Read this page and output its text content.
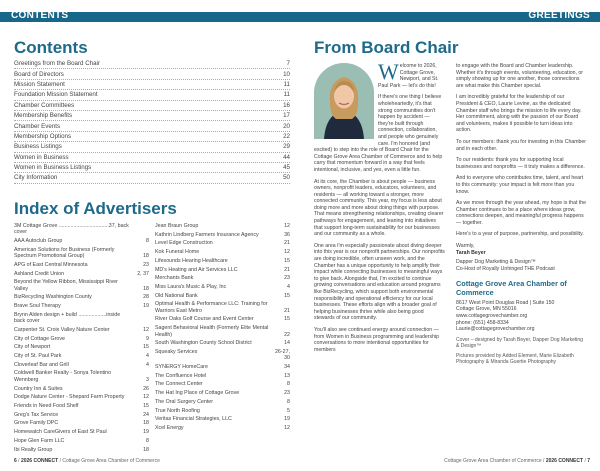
CONTENTS	GREETINGS
Contents
Greetings from the Board Chair	7
Board of Directors	10
Mission Statement	11
Foundation Mission Statement	11
Chamber Committees	16
Membership Benefits	17
Chamber Events	20
Membership Options	22
Business Listings	29
Women in Business	44
Women in Business Listings	45
City Information	50
Index of Advertisers
3M Cottage Grove ..................................37, back cover
AAA Autoclub Group	8
American Solutions for Business (Formerly Spectrum Promotional Group)	18
APG of East Central Minnesota	23
Ashland Credit Union	2, 37
Beyond the Yellow Ribbon, Mississippi River Valley	18
BizRecycling Washington County	28
Brave Soul Therapy	19
Brynn Alden design + build ...................inside back cover
Carpenter St. Croix Valley Nature Center	12
City of Cottage Grove	9
City of Newport	15
City of St. Paul Park	4
Cloverleaf Bar and Grill	4
Coldwell Banker Realty - Sonya Tolentino Wennberg	3
Country Inn & Suites	26
Dodge Nature Center - Shepard Farm Property	12
Friends in Need Food Shelf	15
Greg's Tax Service	24
Grove Family DPC	18
Homewatch CareGivers of East St Paul	19
Hope Glen Farm LLC	8
Ibi Realty Group	18
Jean Braun Group	12
Kathrin Lindberg Farmers Insurance Agency	36
Level Edge Construction	21
Kok Funeral Home	12
Lifesounds Hearing Healthcare	15
MD's Heating and Air Services LLC	21
Merchants Bank	23
Miss Laura's Music & Play, Inc	4
Old National Bank	15
Optimal Health & Performance LLC: Training for Warriors East Metro	21
River Oaks Golf Course and Event Center	15
Sagent Behavioral Health (Formerly Elite Mental Health)	22
South Washington County School District	14
Squeaky Services	26-27, 30
SYNERGY HomeCare	34
The Confluence Hotel	13
The Connect Center	8
The Hat Ing Place of Cottage Grove	23
The Oral Surgery Center	8
True North Roofing	5
Veritas Financial Strategies, LLC	19
Xcel Energy	12
From Board Chair

Welcome to 2026, Cottage Grove, Newport, and St. Paul Park — let's do this!

If there's one thing I believe wholeheartedly, it's that strong communities don't happen by accident — they're built through connection, collaboration, and people who genuinely care. I'm honored (and excited) to step into the role of Board Chair for the Cottage Grove Area Chamber of Commerce and to help carry that momentum forward in a way that feels intentional, inclusive, and yes, even a little fun.

At its core, the Chamber is about people — business owners, nonprofit leaders, educators, volunteers, and residents — all working toward a stronger, more connected community. This year, my focus is less about doing more and more about doing things with purpose. That means strengthening relationships, creating clearer pathways for engagement, and leaning into initiatives that support long-term sustainability for our businesses and our community as a whole.

One area I'm especially passionate about diving deeper into this year is our nonprofit partnerships. Our nonprofits are doing incredible, often unseen work, and the Chamber has a unique opportunity to help amplify their impact while connecting businesses to meaningful ways to give back. Alongside that, I'm excited to continue growing conversations and education around programs like BizRecycling, which support both environmental responsibility and operational efficiency for our local businesses. These efforts align with a broader goal of helping businesses thrive while also being good stewards of our community.

You'll also see continued energy around connection — from Women in Business programming and leadership conversations to more intentional opportunities for members

to engage with the Board and Chamber leadership. Whether it's through events, volunteering, education, or simply showing up for one another, those connections are what make this Chamber special.

I am incredibly grateful for the leadership of our President & CEO, Laurie Levine, as the dedicated Chamber staff who brings the mission to life every day. Her commitment, along with the passion of our Board and volunteers, makes it possible to turn ideas into action.

To our members: thank you for investing in this Chamber and in each other.

To our residents: thank you for supporting local businesses and nonprofits — it truly makes a difference.

And to everyone who contributes time, talent, and heart to this community: your impact is felt more than you know.

As we move through the year ahead, my hope is that the Chamber continues to be a place where ideas grow, connections deepen, and meaningful progress happens — together.

Here's to a year of purpose, partnership, and possibility.

Warmly,
Tarah Beyer
Dapper Dog Marketing & Design™
Co-Host of Royally Unhinged THE Podcast
Cottage Grove Area Chamber of Commerce
8617 West Point Douglas Road | Suite 150
Cottage Grove, MN 55016
www.cottagegrovechamber.org
phone: (651) 458-8334
Laurie@cottagegrovechamber.org
Cover – designed by Tarah Beyer, Dapper Dog Marketing & Design™
Pictures provided by Added Element, Marie Elizabeth Photography & Miranda Guertie Photography
6 / 2026 CONNECT / Cottage Grove Area Chamber of Commerce	Cottage Grove Area Chamber of Commerce / 2026 CONNECT / 7
